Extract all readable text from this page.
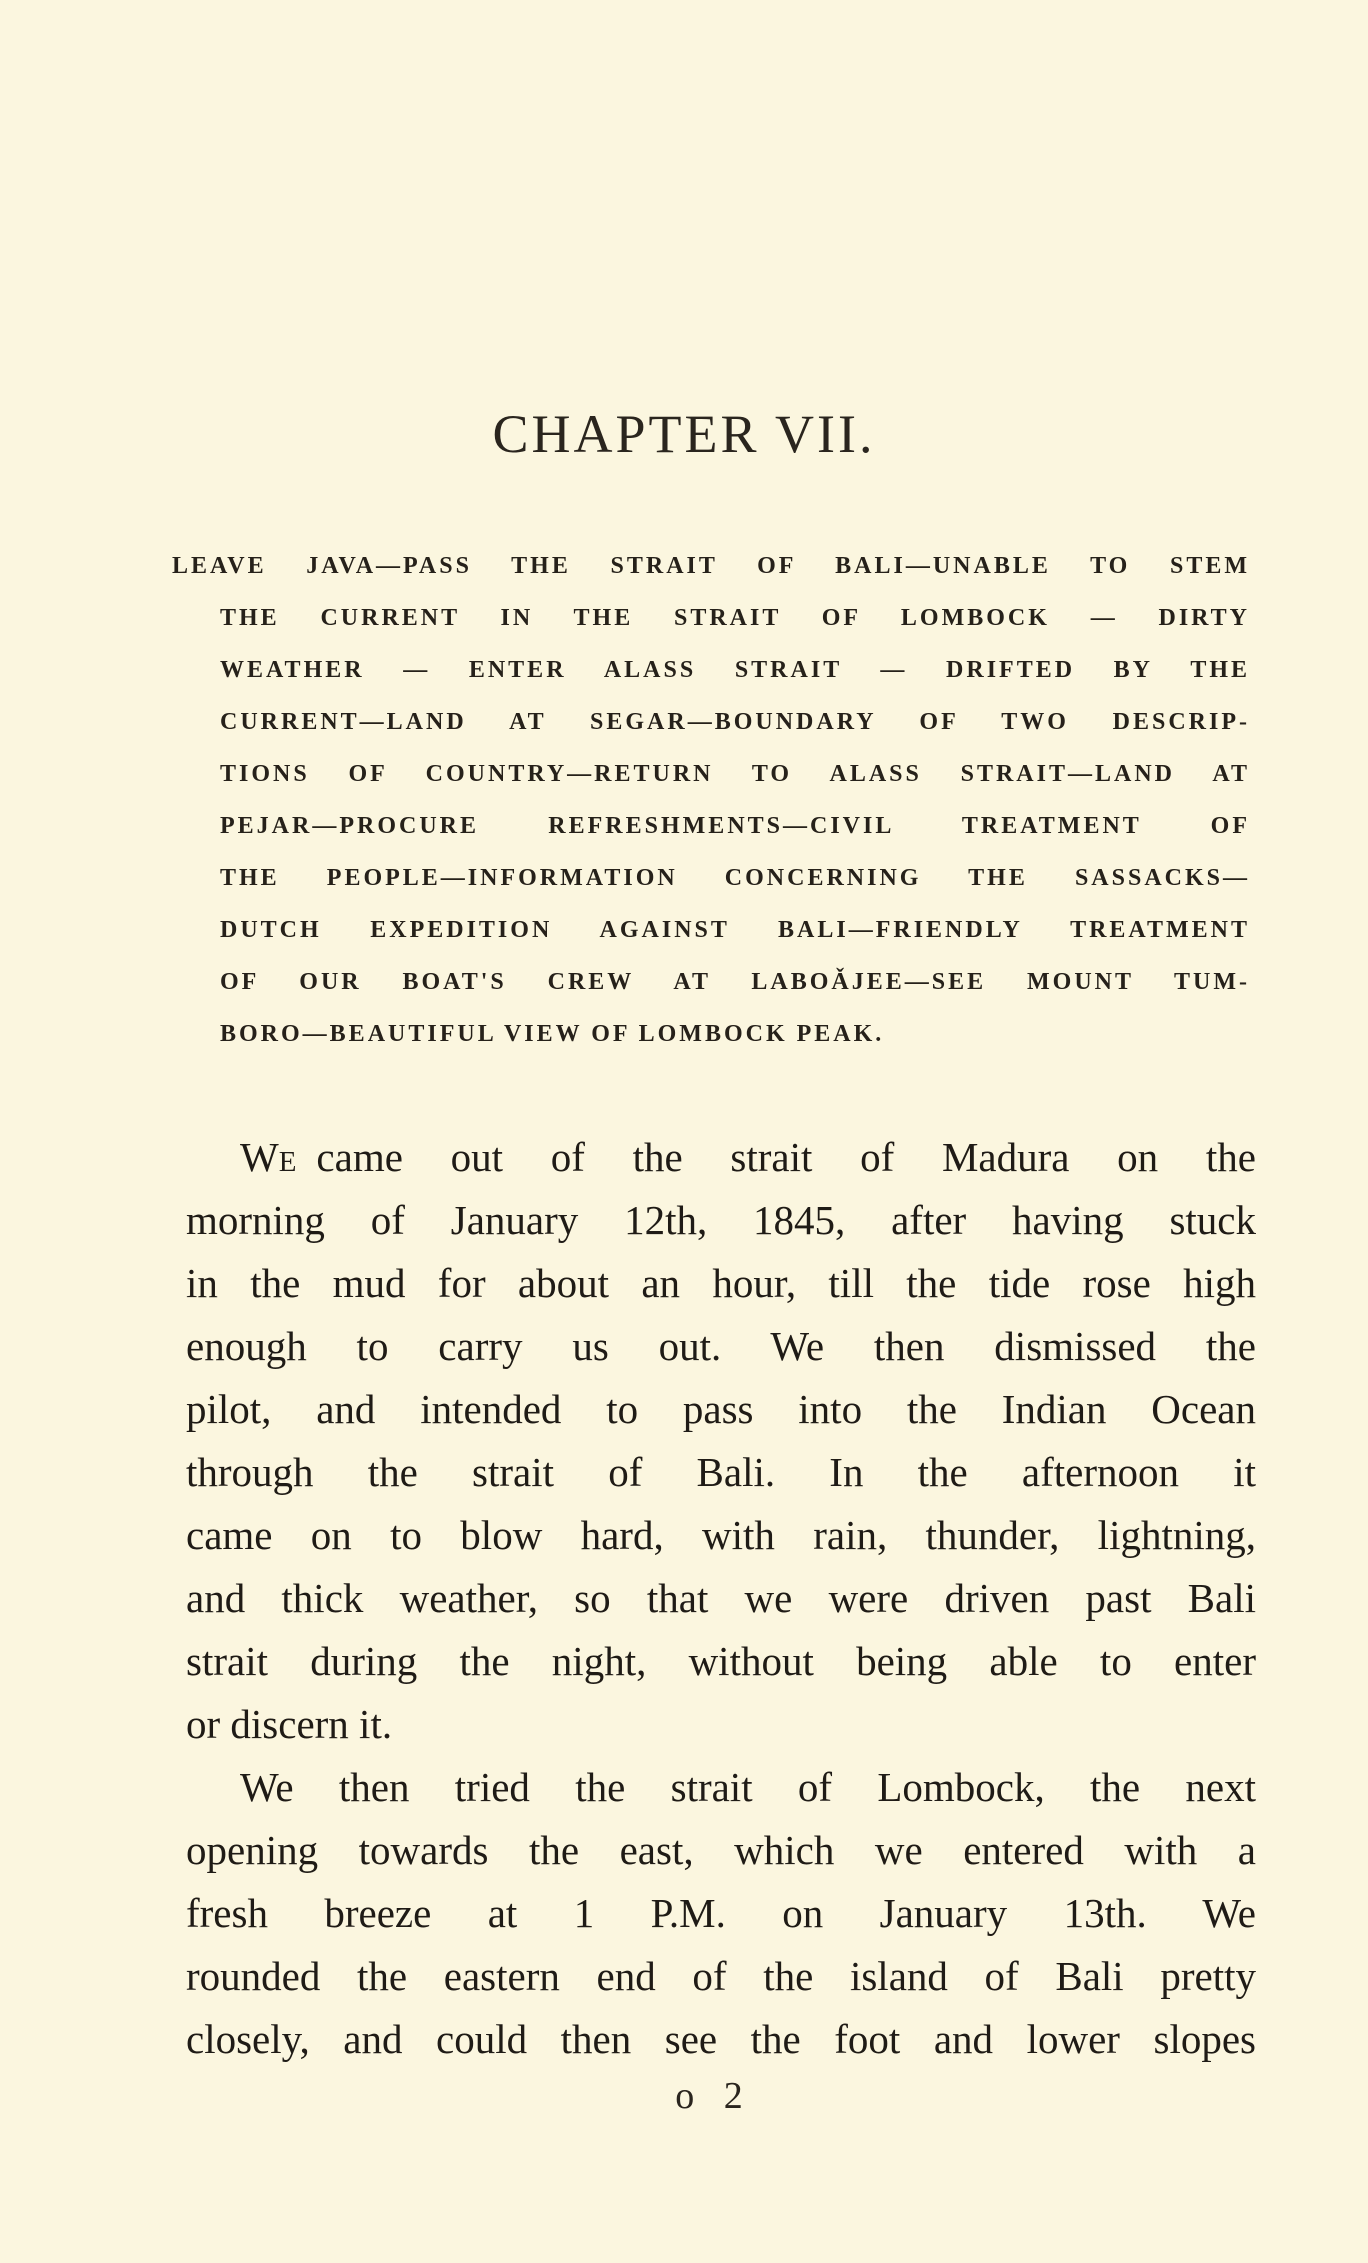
CHAPTER VII.
LEAVE JAVA—PASS THE STRAIT OF BALI—UNABLE TO STEM
THE CURRENT IN THE STRAIT OF LOMBOCK — DIRTY
WEATHER — ENTER ALASS STRAIT — DRIFTED BY THE
CURRENT—LAND AT SEGAR—BOUNDARY OF TWO DESCRIP-
TIONS OF COUNTRY—RETURN TO ALASS STRAIT—LAND AT
PEJAR—PROCURE REFRESHMENTS—CIVIL TREATMENT OF
THE PEOPLE—INFORMATION CONCERNING THE SASSACKS—
DUTCH EXPEDITION AGAINST BALI—FRIENDLY TREATMENT
OF OUR BOAT'S CREW AT LABOǍJEE—SEE MOUNT TUM-
BORO—BEAUTIFUL VIEW OF LOMBOCK PEAK.
We came out of the strait of Madura on the
morning of January 12th, 1845, after having stuck
in the mud for about an hour, till the tide rose high
enough to carry us out. We then dismissed the
pilot, and intended to pass into the Indian Ocean
through the strait of Bali. In the afternoon it
came on to blow hard, with rain, thunder, lightning,
and thick weather, so that we were driven past Bali
strait during the night, without being able to enter
or discern it.
We then tried the strait of Lombock, the next
opening towards the east, which we entered with a
fresh breeze at 1 P.M. on January 13th. We
rounded the eastern end of the island of Bali pretty
closely, and could then see the foot and lower slopes
o 2
